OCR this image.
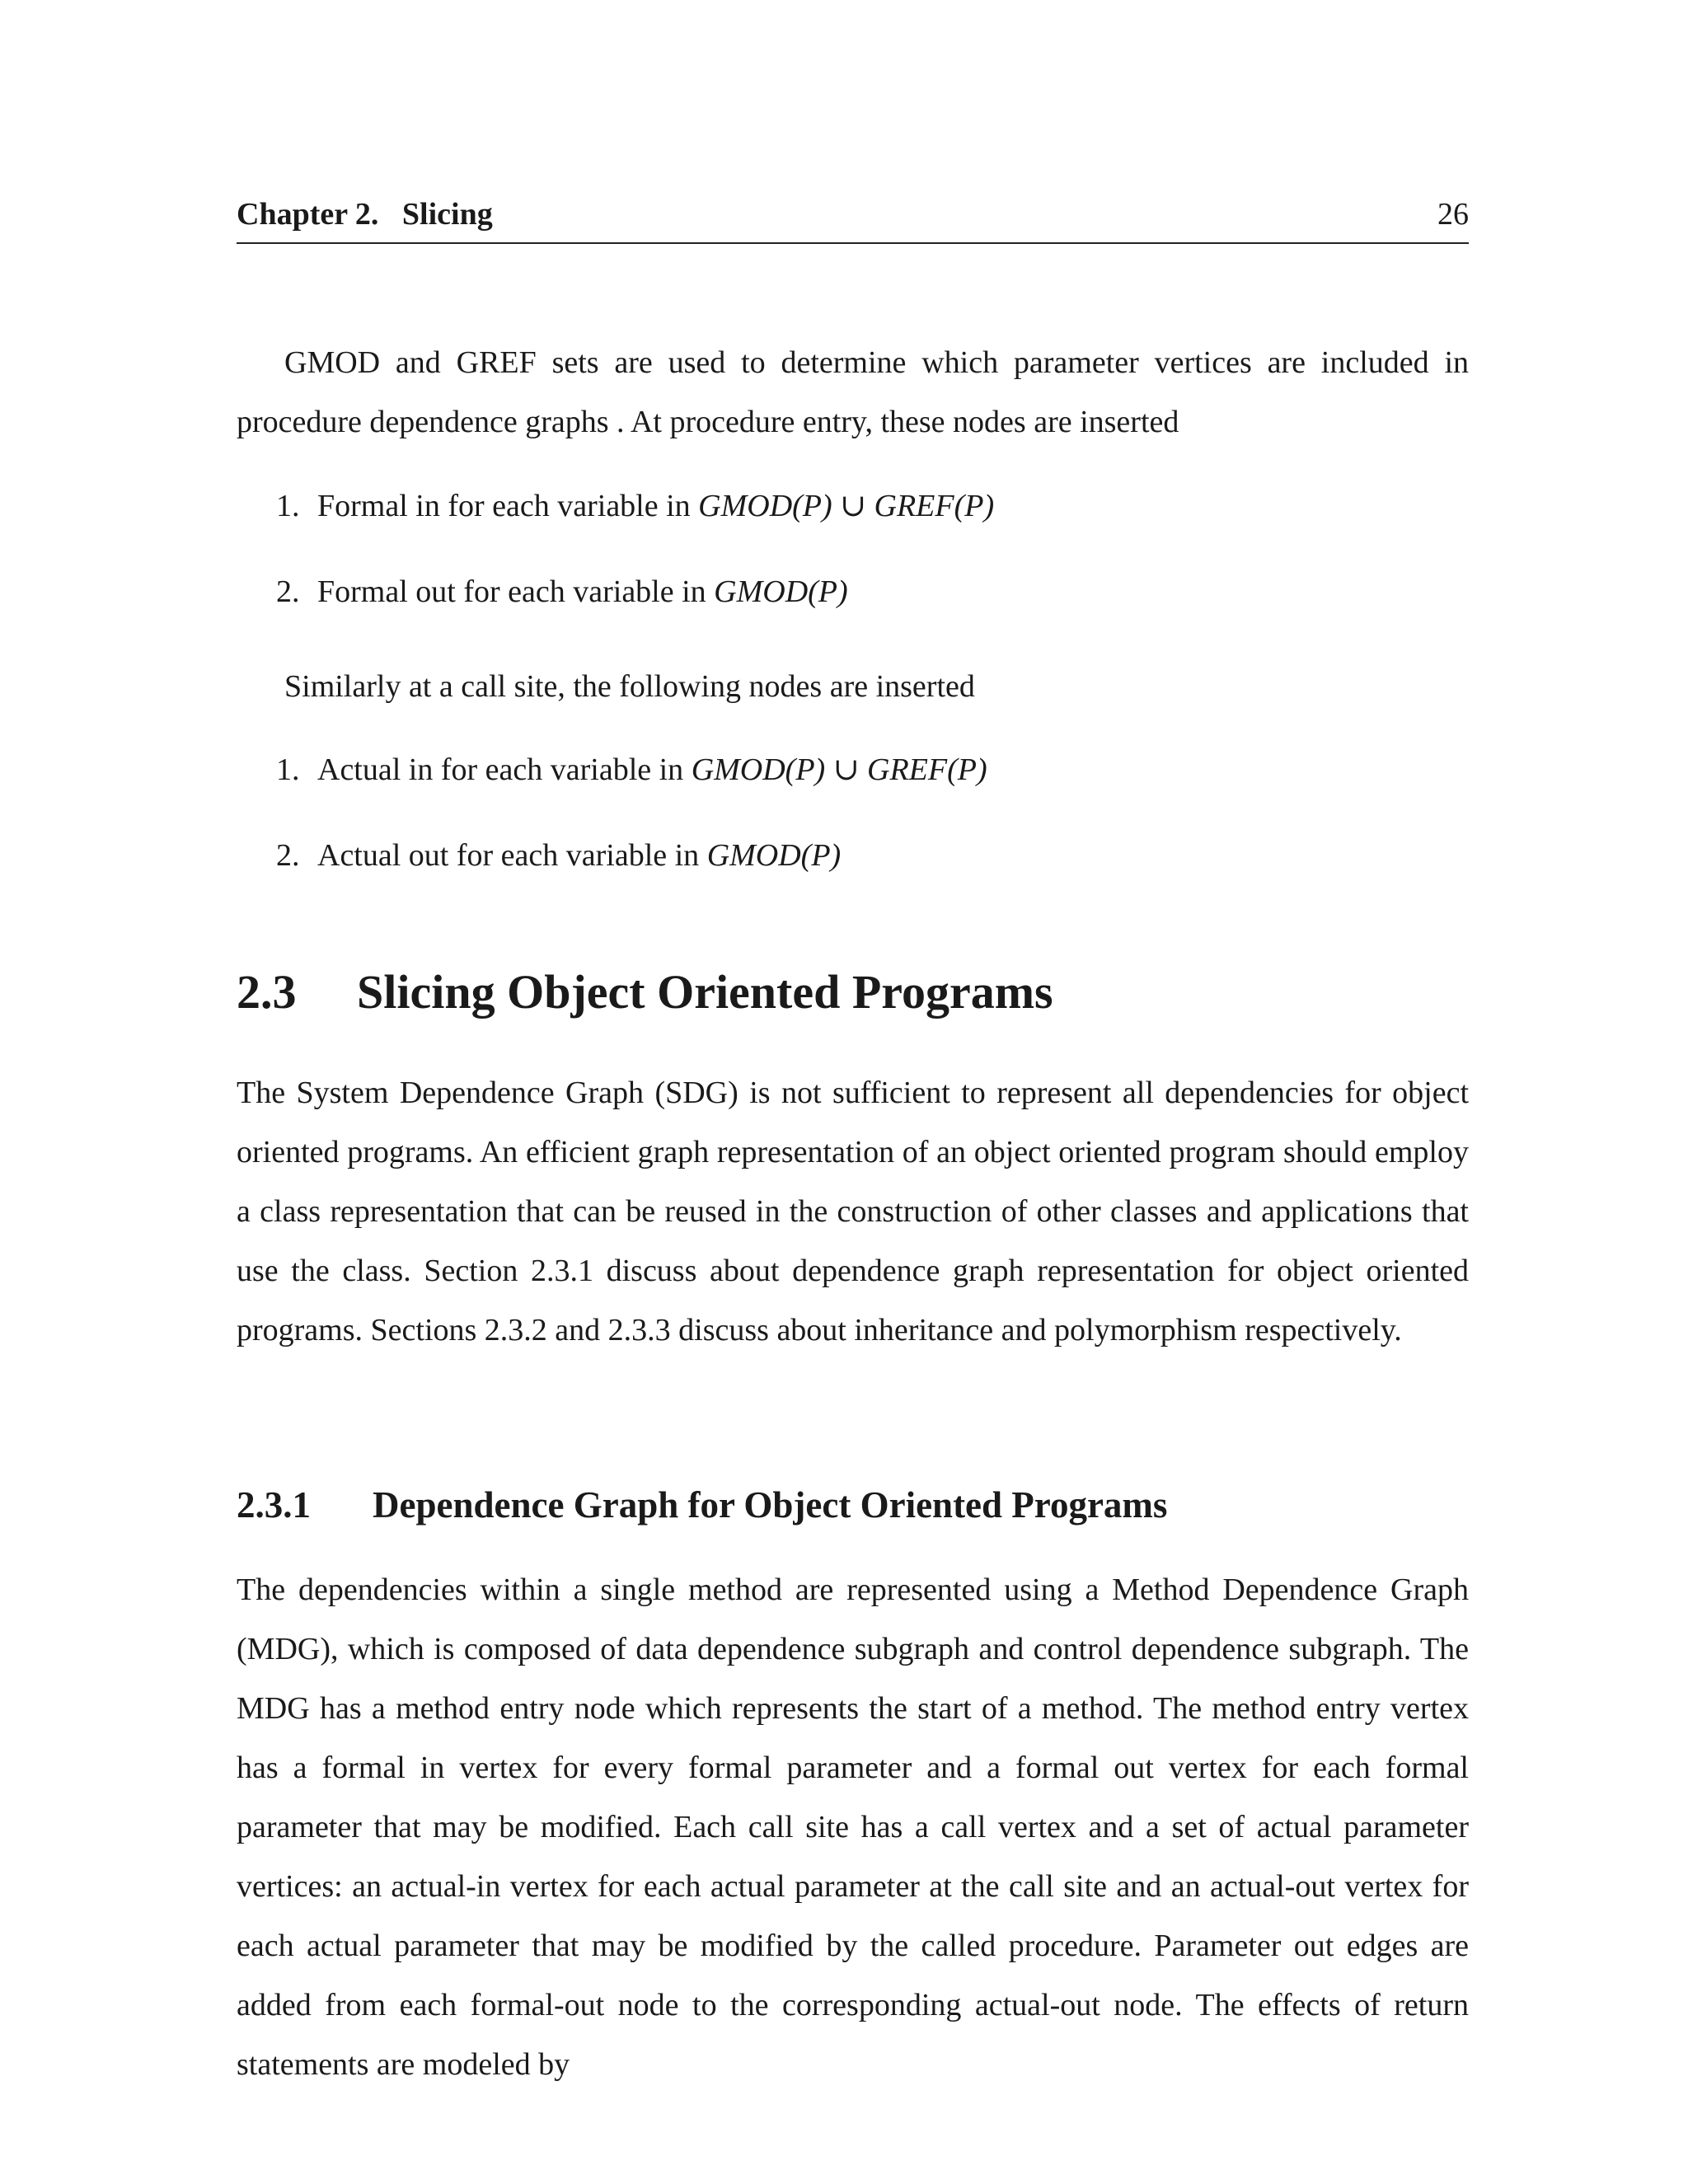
Chapter 2.   Slicing	26
GMOD and GREF sets are used to determine which parameter vertices are included in procedure dependence graphs . At procedure entry, these nodes are inserted
1. Formal in for each variable in GMOD(P) ∪ GREF(P)
2. Formal out for each variable in GMOD(P)
Similarly at a call site, the following nodes are inserted
1. Actual in for each variable in GMOD(P) ∪ GREF(P)
2. Actual out for each variable in GMOD(P)
2.3 Slicing Object Oriented Programs
The System Dependence Graph (SDG) is not sufficient to represent all dependencies for object oriented programs. An efficient graph representation of an object oriented program should employ a class representation that can be reused in the construction of other classes and applications that use the class. Section 2.3.1 discuss about dependence graph representation for object oriented programs. Sections 2.3.2 and 2.3.3 discuss about inheritance and polymorphism respectively.
2.3.1 Dependence Graph for Object Oriented Programs
The dependencies within a single method are represented using a Method Dependence Graph (MDG), which is composed of data dependence subgraph and control dependence subgraph. The MDG has a method entry node which represents the start of a method. The method entry vertex has a formal in vertex for every formal parameter and a formal out vertex for each formal parameter that may be modified. Each call site has a call vertex and a set of actual parameter vertices: an actual-in vertex for each actual parameter at the call site and an actual-out vertex for each actual parameter that may be modified by the called procedure. Parameter out edges are added from each formal-out node to the corresponding actual-out node. The effects of return statements are modeled by
